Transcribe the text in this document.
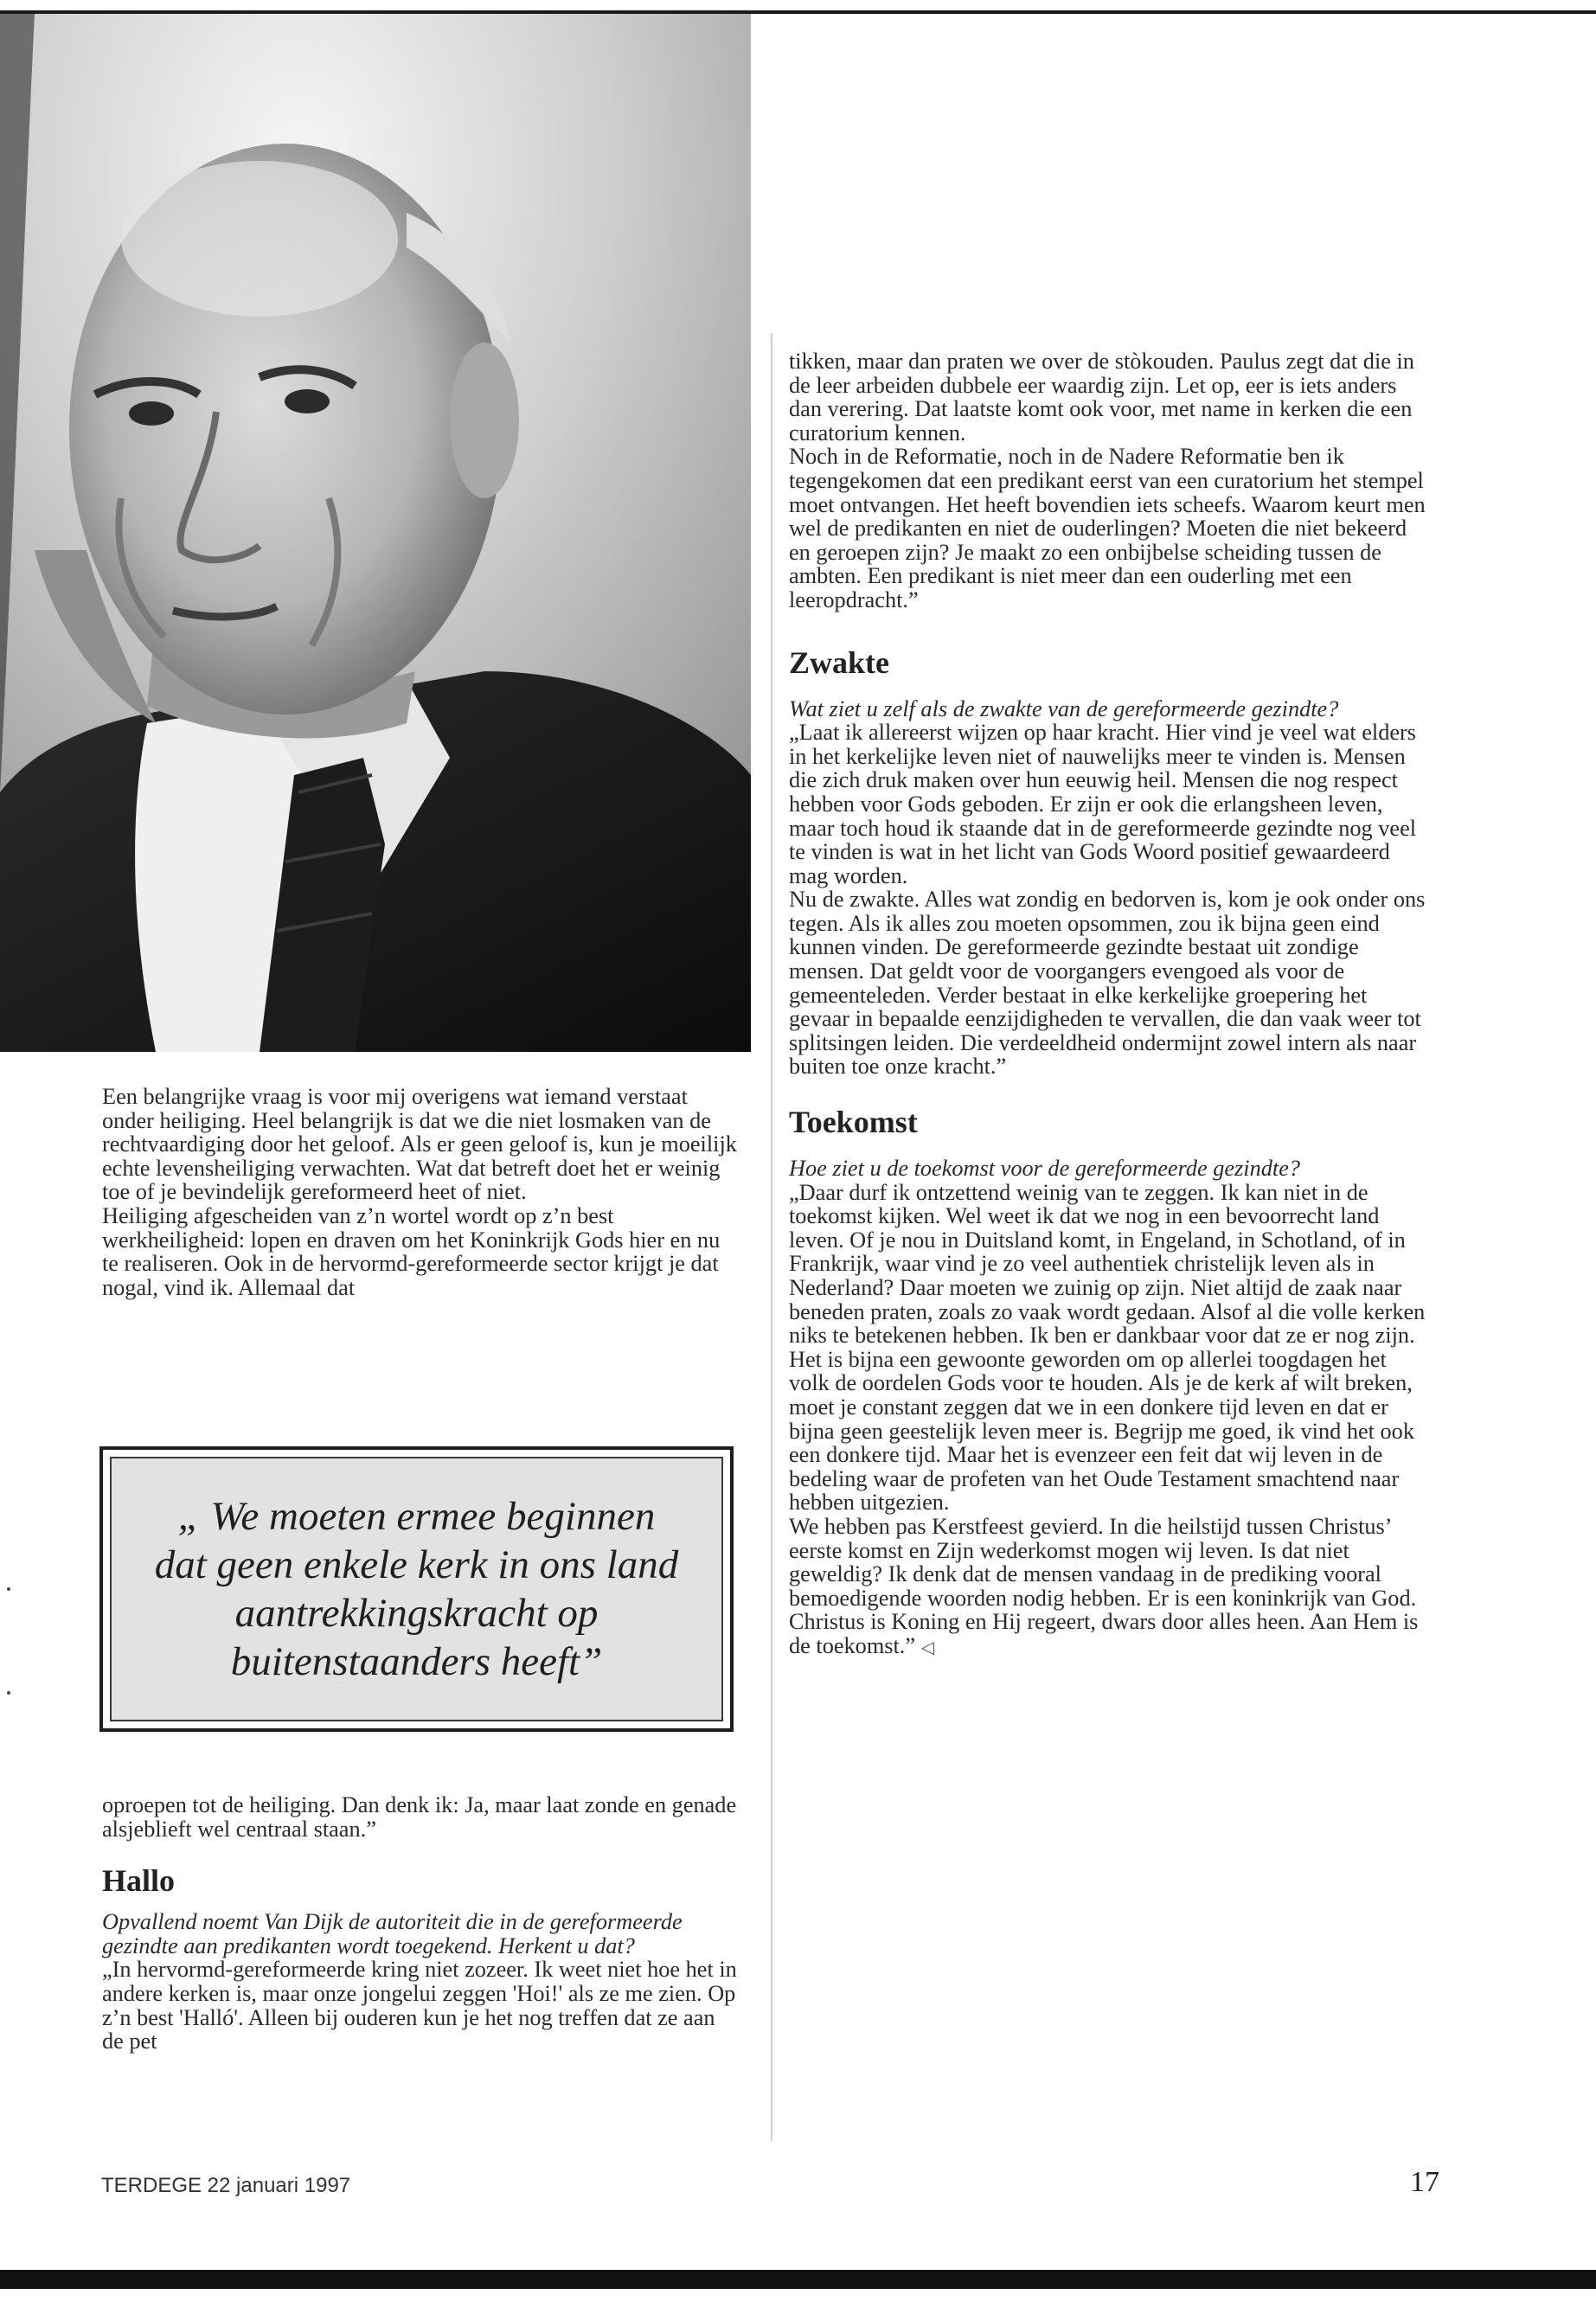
Een belangrijke vraag is voor mij overigens wat iemand verstaat onder heiliging. Heel belangrijk is dat we die niet losmaken van de rechtvaardiging door het geloof. Als er geen geloof is, kun je moeilijk echte levensheiliging verwachten. Wat dat betreft doet het er weinig toe of je bevindelijk gereformeerd heet of niet.
Heiliging afgescheiden van z’n wortel wordt op z’n best werkheiligheid: lopen en draven om het Koninkrijk Gods hier en nu te realiseren. Ook in de hervormd-gereformeerde sector krijgt je dat nogal, vind ik. Allemaal dat

„ We moeten ermee beginnen dat geen enkele kerk in ons land aantrekkingskracht op buitenstaanders heeft”

oproepen tot de heiliging. Dan denk ik: Ja, maar laat zonde en genade alsjeblieft wel centraal staan.”

Hallo

Opvallend noemt Van Dijk de autoriteit die in de gereformeerde gezindte aan predikanten wordt toegekend. Herkent u dat?

„In hervormd-gereformeerde kring niet zozeer. Ik weet niet hoe het in andere kerken is, maar onze jongelui zeggen 'Hoi!' als ze me zien. Op z’n best 'Halló'. Alleen bij ouderen kun je het nog treffen dat ze aan de pet

tikken, maar dan praten we over de stòkouden. Paulus zegt dat die in de leer arbeiden dubbele eer waardig zijn. Let op, eer is iets anders dan verering. Dat laatste komt ook voor, met name in kerken die een curatorium kennen.
Noch in de Reformatie, noch in de Nadere Reformatie ben ik tegengekomen dat een predikant eerst van een curatorium het stempel moet ontvangen. Het heeft bovendien iets scheefs. Waarom keurt men wel de predikanten en niet de ouderlingen? Moeten die niet bekeerd en geroepen zijn? Je maakt zo een onbijbelse scheiding tussen de ambten. Een predikant is niet meer dan een ouderling met een leeropdracht.”

Zwakte

Wat ziet u zelf als de zwakte van de gereformeerde gezindte?

„Laat ik allereerst wijzen op haar kracht. Hier vind je veel wat elders in het kerkelijke leven niet of nauwelijks meer te vinden is. Mensen die zich druk maken over hun eeuwig heil. Mensen die nog respect hebben voor Gods geboden. Er zijn er ook die erlangsheen leven, maar toch houd ik staande dat in de gereformeerde gezindte nog veel te vinden is wat in het licht van Gods Woord positief gewaardeerd mag worden.
Nu de zwakte. Alles wat zondig en bedorven is, kom je ook onder ons tegen. Als ik alles zou moeten opsommen, zou ik bijna geen eind kunnen vinden. De gereformeerde gezindte bestaat uit zondige mensen. Dat geldt voor de voorgangers evengoed als voor de gemeenteleden. Verder bestaat in elke kerkelijke groepering het gevaar in bepaalde eenzijdigheden te vervallen, die dan vaak weer tot splitsingen leiden. Die verdeeldheid ondermijnt zowel intern als naar buiten toe onze kracht.”

Toekomst

Hoe ziet u de toekomst voor de gereformeerde gezindte?

„Daar durf ik ontzettend weinig van te zeggen. Ik kan niet in de toekomst kijken. Wel weet ik dat we nog in een bevoorrecht land leven. Of je nou in Duitsland komt, in Engeland, in Schotland, of in Frankrijk, waar vind je zo veel authentiek christelijk leven als in Nederland? Daar moeten we zuinig op zijn. Niet altijd de zaak naar beneden praten, zoals zo vaak wordt gedaan. Alsof al die volle kerken niks te betekenen hebben. Ik ben er dankbaar voor dat ze er nog zijn.
Het is bijna een gewoonte geworden om op allerlei toogdagen het volk de oordelen Gods voor te houden. Als je de kerk af wilt breken, moet je constant zeggen dat we in een donkere tijd leven en dat er bijna geen geestelijk leven meer is. Begrijp me goed, ik vind het ook een donkere tijd. Maar het is evenzeer een feit dat wij leven in de bedeling waar de profeten van het Oude Testament smachtend naar hebben uitgezien.
We hebben pas Kerstfeest gevierd. In die heilstijd tussen Christus’ eerste komst en Zijn wederkomst mogen wij leven. Is dat niet geweldig? Ik denk dat de mensen vandaag in de prediking vooral bemoedigende woorden nodig hebben. Er is een koninkrijk van God. Christus is Koning en Hij regeert, dwars door alles heen. Aan Hem is de toekomst.” ◁

TERDEGE 22 januari 1997	17
